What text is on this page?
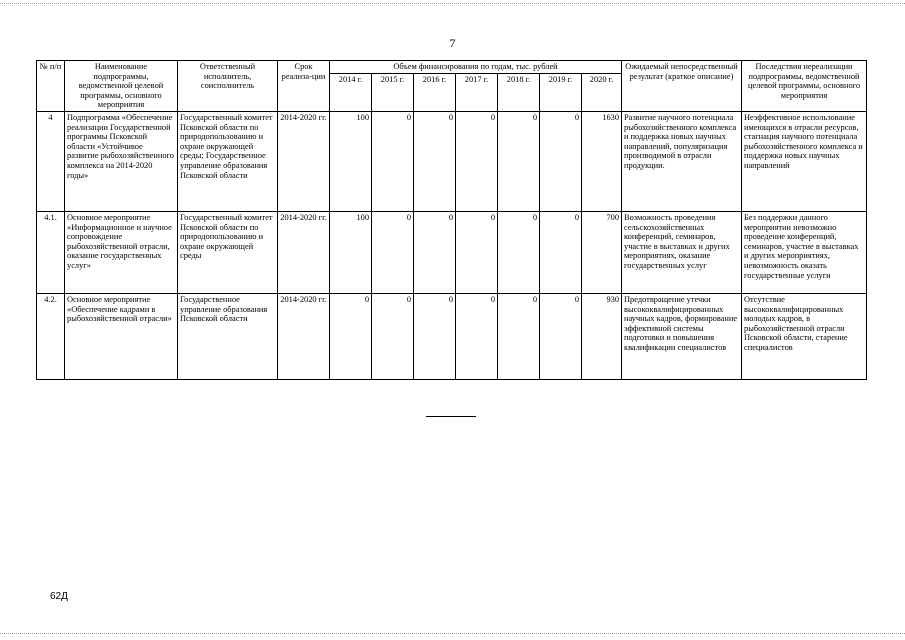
7
№ п/п	Наименование подпрограммы, ведомственной целевой программы, основного мероприятия	Ответственный исполнитель, соисполнитель	Срок реализа-ции	Объем финансирования по годам, тыс. рублей							Ожидаемый непосредственный результат (краткое описание)	Последствия нереализации подпрограммы, ведомственной целевой программы, основного мероприятия
				2014 г.	2015 г.	2016 г.	2017 г.	2018 г.	2019 г.	2020 г.		
4	Подпрограмма «Обеспечение реализации Государственной программы Псковской области «Устойчивое развитие рыбохозяйственного комплекса на 2014-2020 годы»	Государственный комитет Псковской области по природопользованию и охране окружающей среды; Государственное управление образования Псковской области	2014-2020 гг.	100	0	0	0	0	0	1630	Развитие научного потенциала рыбохозяйственного комплекса и поддержка новых научных направлений, популяризация производимой в отрасли продукции.	Неэффективное использование имеющихся в отрасли ресурсов, стагнация научного потенциала рыбохозяйственного комплекса и поддержка новых научных направлений
4.1.	Основное мероприятие «Информационное и научное сопровождение рыбохозяйственной отрасли, оказание государственных услуг»	Государственный комитет Псковской области по природопользованию и охране окружающей среды	2014-2020 гг.	100	0	0	0	0	0	700	Возможность проведения сельскохозяйственных конференций, семинаров, участие в выставках и других мероприятиях, оказание государственных услуг	Без поддержки данного мероприятии невозможно проведение конференций, семинаров, участие в выставках и других мероприятиях, невозможность оказать государственные услуги
4.2.	Основное мероприятие «Обеспечение кадрами в рыбохозяйственной отрасли»	Государственное управление образования Псковской области	2014-2020 гг.	0	0	0	0	0	0	930	Предотвращение утечки высококвалифицированных научных кадров, формирование эффективной системы подготовки и повышения квалификации специалистов	Отсутствие высококвалифицированных молодых кадров, в рыбохозяйственной отрасли Псковской области, старение специалистов
62Д
